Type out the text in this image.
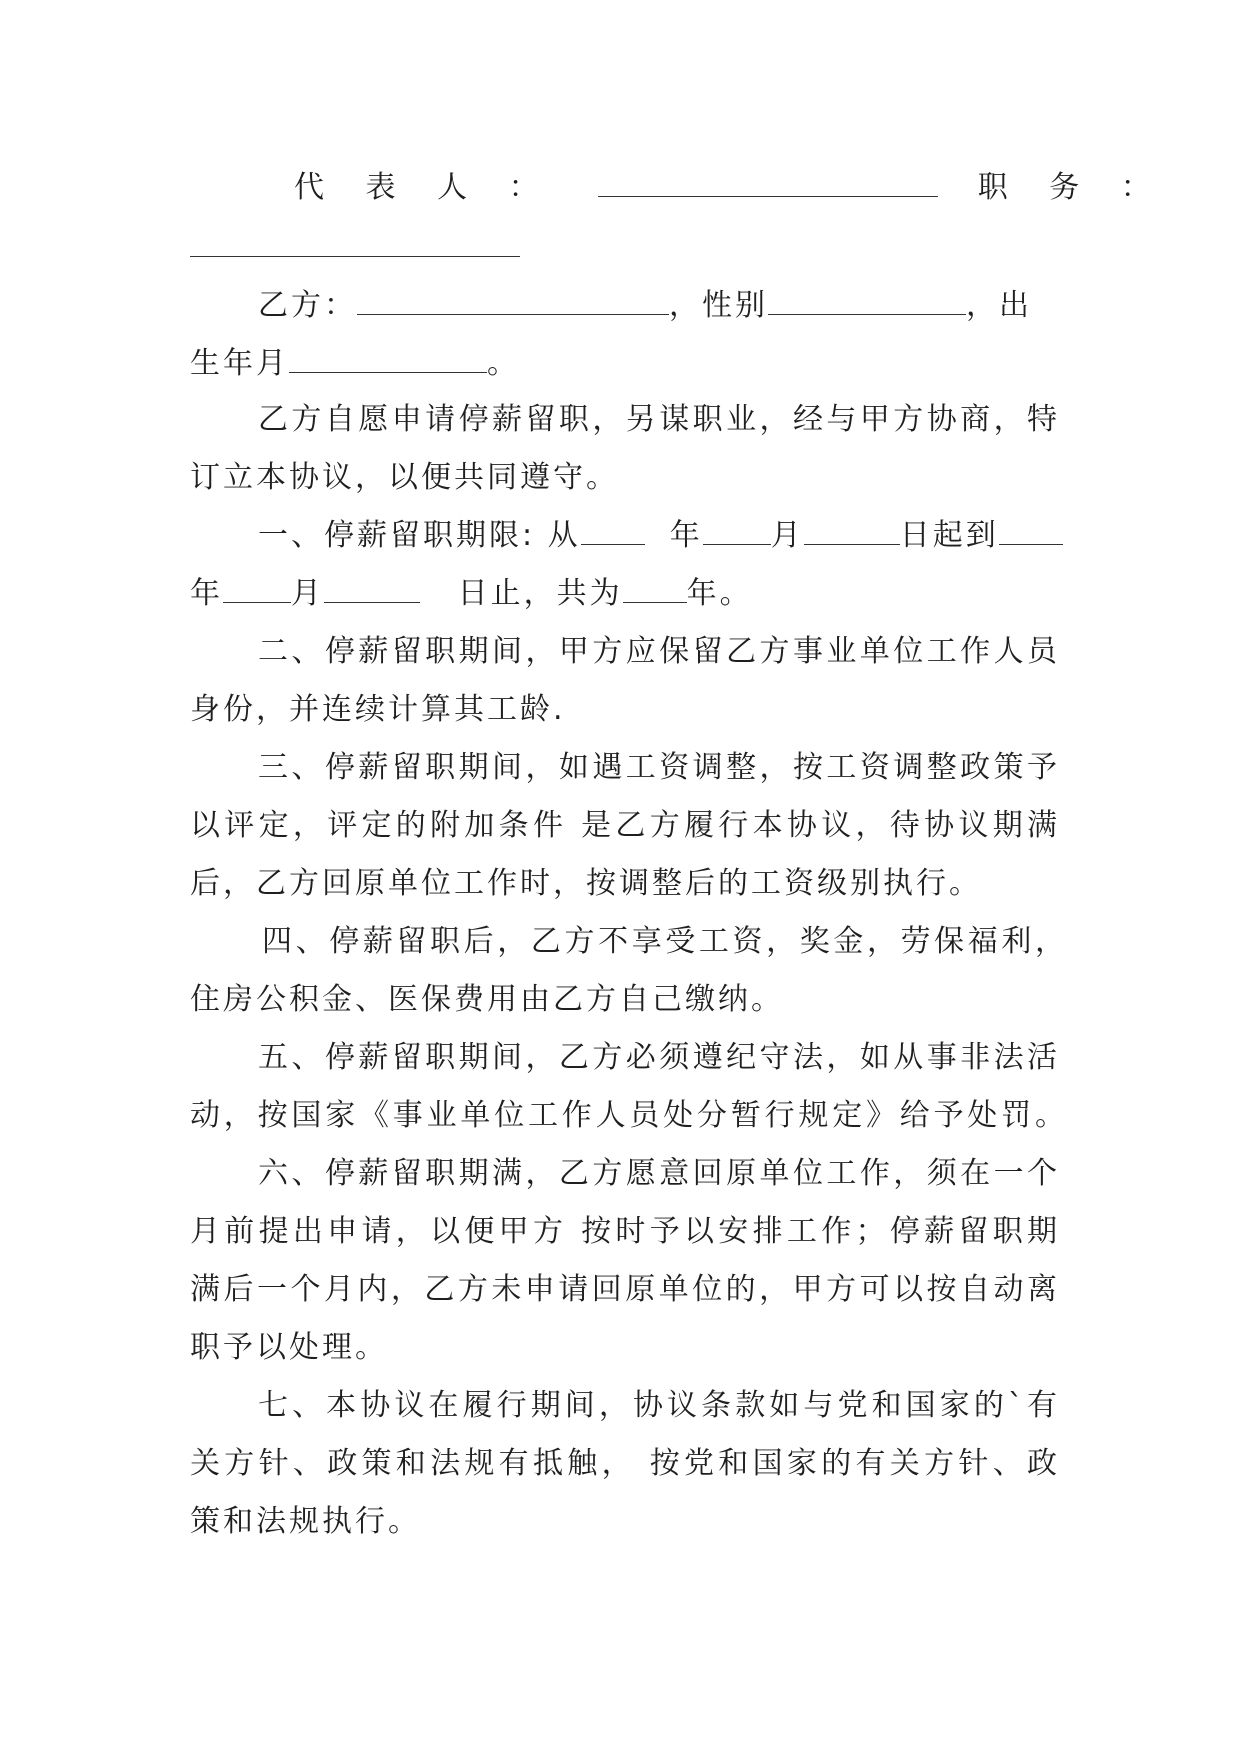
代 表 人 ：	职 务 ：
乙方：	，性别	，出
生年月	。
乙方自愿申请停薪留职，另谋职业，经与甲方协商，特
订立本协议，以便共同遵守。
一、停薪留职期限: 从	年 月	日起到
年 月	日止，共为 年。
二、停薪留职期间，甲方应保留乙方事业单位工作人员
身份，并连续计算其工龄.
三、停薪留职期间，如遇工资调整，按工资调整政策予
以评定，评定的附加条件 是乙方履行本协议，待协议期满
后，乙方回原单位工作时，按调整后的工资级别执行。
四、停薪留职后，乙方不享受工资，奖金，劳保福利，
住房公积金、医保费用由乙方自己缴纳。
五、停薪留职期间，乙方必须遵纪守法，如从事非法活
动，按国家《事业单位工作人员处分暂行规定》给予处罚。
六、停薪留职期满，乙方愿意回原单位工作，须在一个
月前提出申请，以便甲方 按时予以安排工作；停薪留职期
满后一个月内，乙方未申请回原单位的，甲方可以按自动离
职予以处理。
七、本协议在履行期间，协议条款如与党和国家的`有
关方针、政策和法规有抵触， 按党和国家的有关方针、政
策和法规执行。
